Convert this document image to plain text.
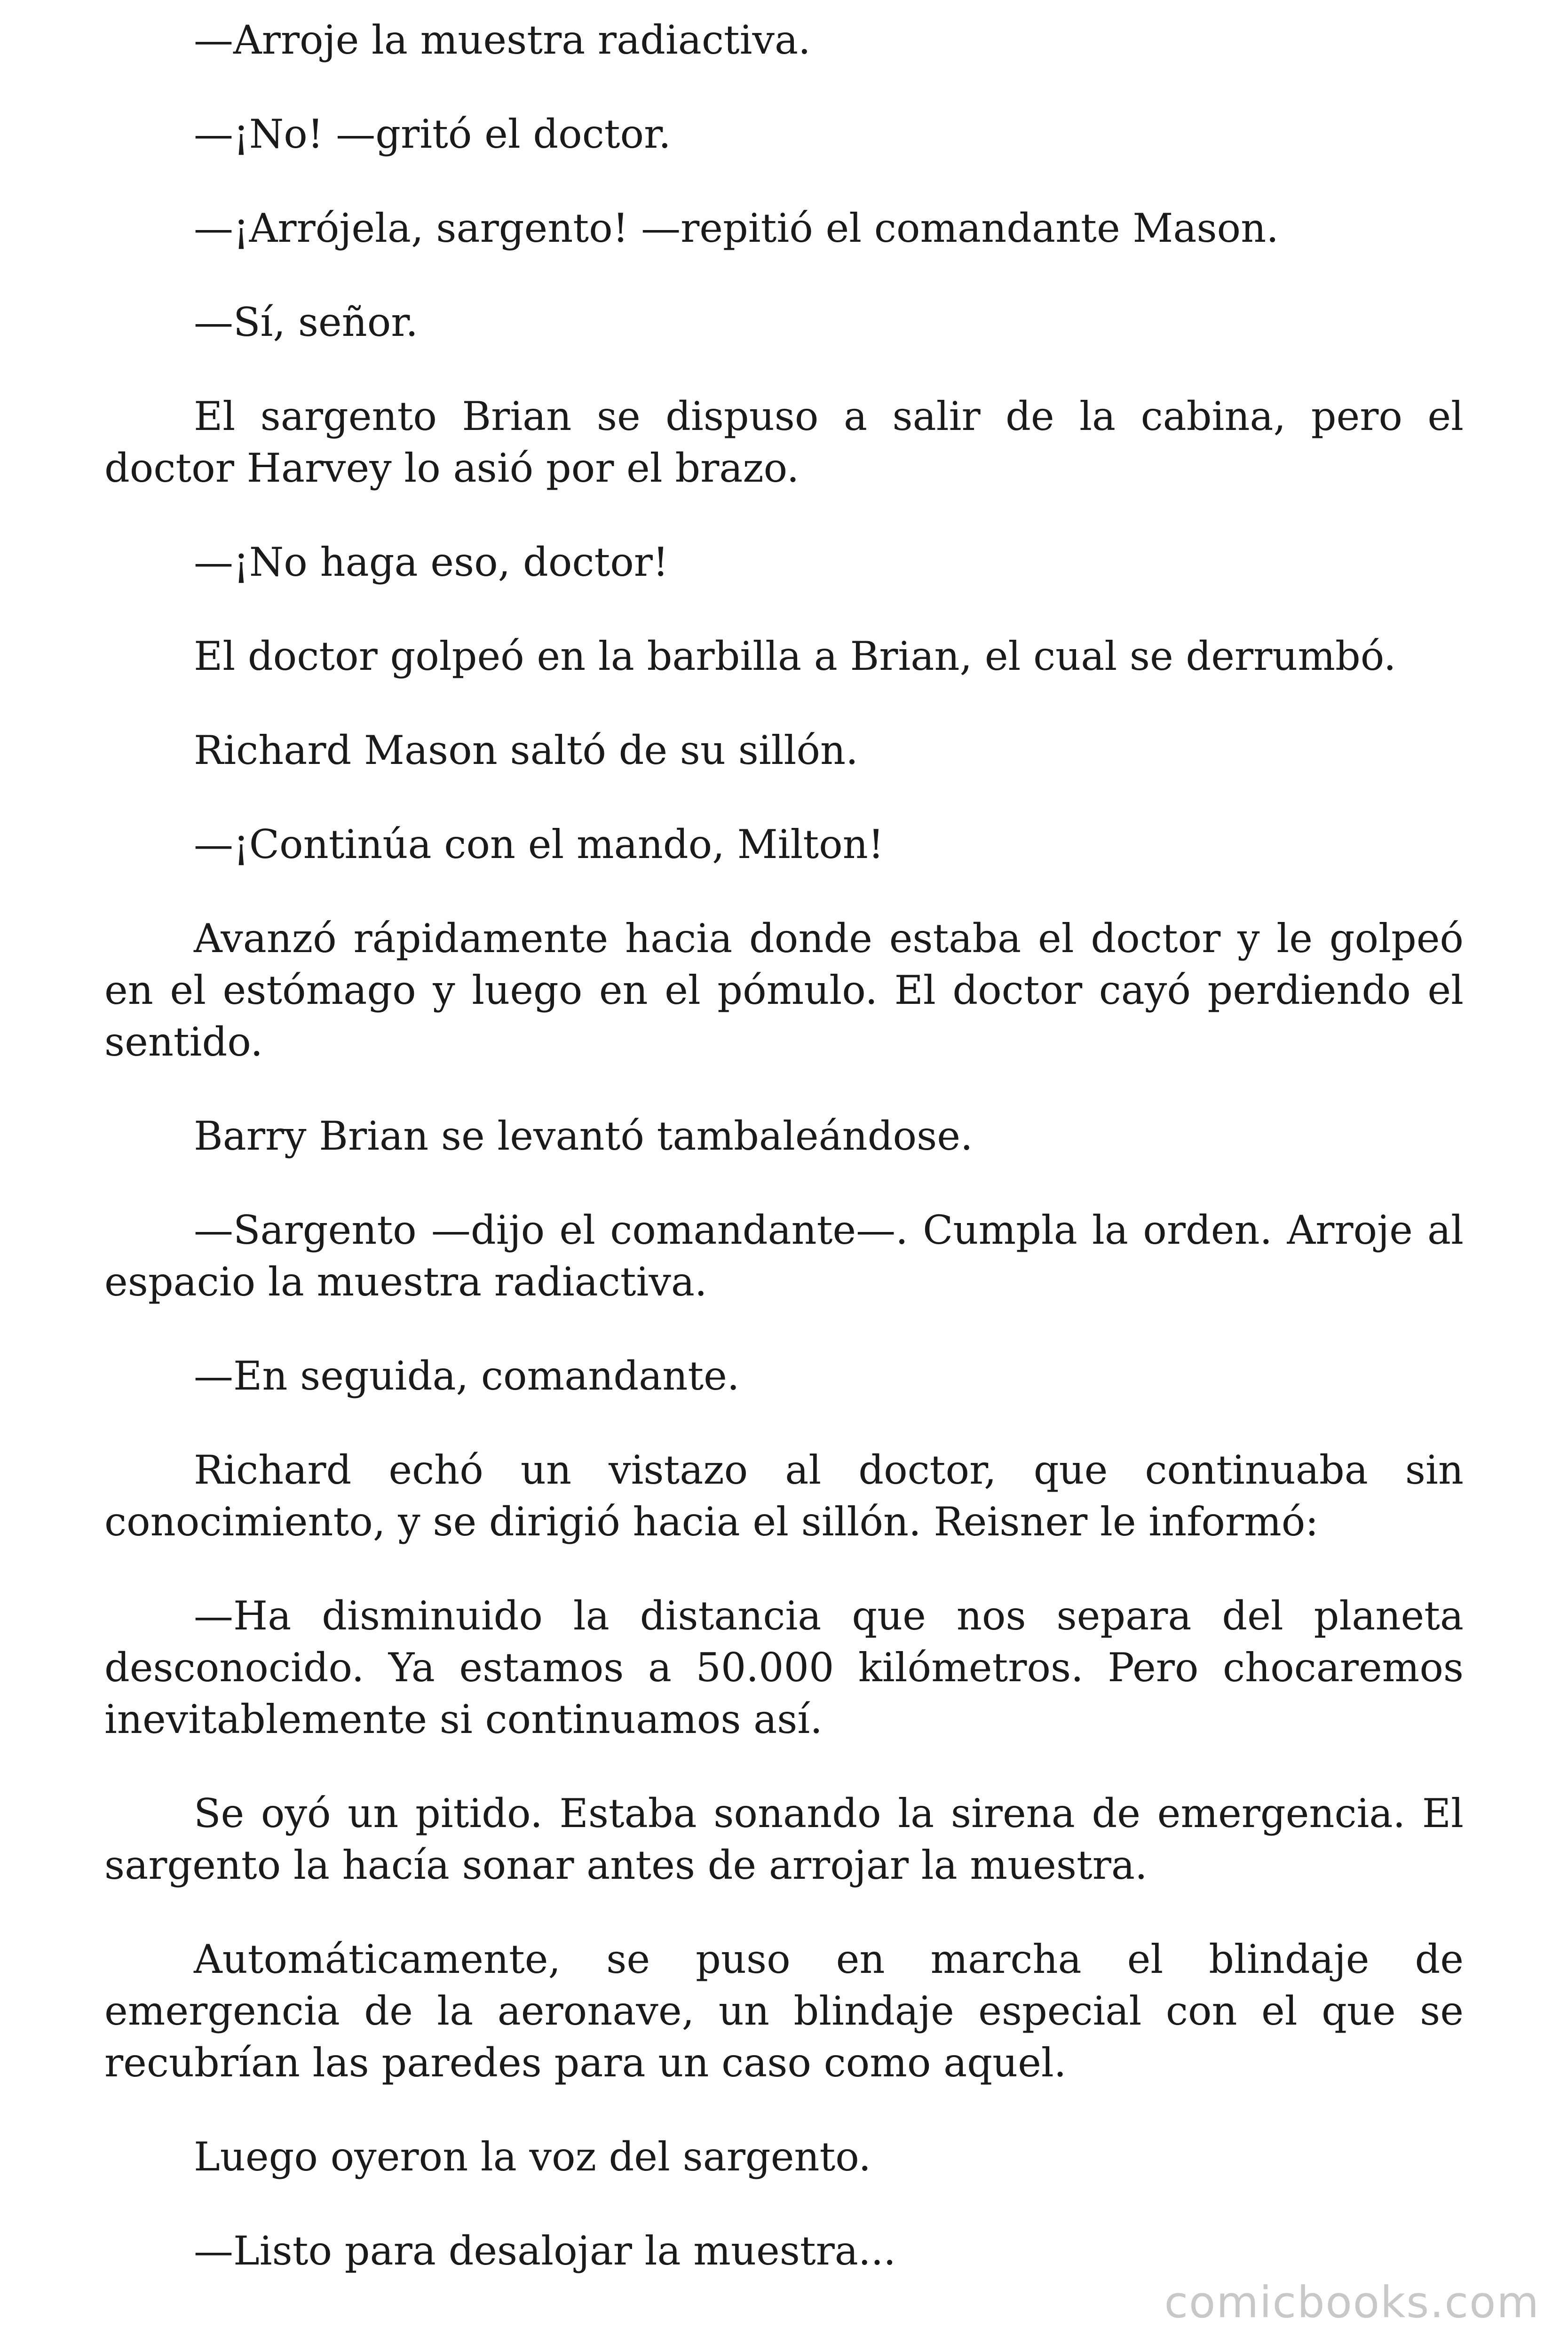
—Arroje la muestra radiactiva.

—¡No! —gritó el doctor.

—¡Arrójela, sargento! —repitió el comandante Mason.

—Sí, señor.

El sargento Brian se dispuso a salir de la cabina, pero el doctor Harvey lo asió por el brazo.

—¡No haga eso, doctor!

El doctor golpeó en la barbilla a Brian, el cual se derrumbó.

Richard Mason saltó de su sillón.

—¡Continúa con el mando, Milton!

Avanzó rápidamente hacia donde estaba el doctor y le golpeó en el estómago y luego en el pómulo. El doctor cayó perdiendo el sentido.

Barry Brian se levantó tambaleándose.

—Sargento —dijo el comandante—. Cumpla la orden. Arroje al espacio la muestra radiactiva.

—En seguida, comandante.

Richard echó un vistazo al doctor, que continuaba sin conocimiento, y se dirigió hacia el sillón. Reisner le informó:

—Ha disminuido la distancia que nos separa del planeta desconocido. Ya estamos a 50.000 kilómetros. Pero chocaremos inevitablemente si continuamos así.

Se oyó un pitido. Estaba sonando la sirena de emergencia. El sargento la hacía sonar antes de arrojar la muestra.

Automáticamente, se puso en marcha el blindaje de emergencia de la aeronave, un blindaje especial con el que se recubrían las paredes para un caso como aquel.

Luego oyeron la voz del sargento.

—Listo para desalojar la muestra...

comicbooks.com
